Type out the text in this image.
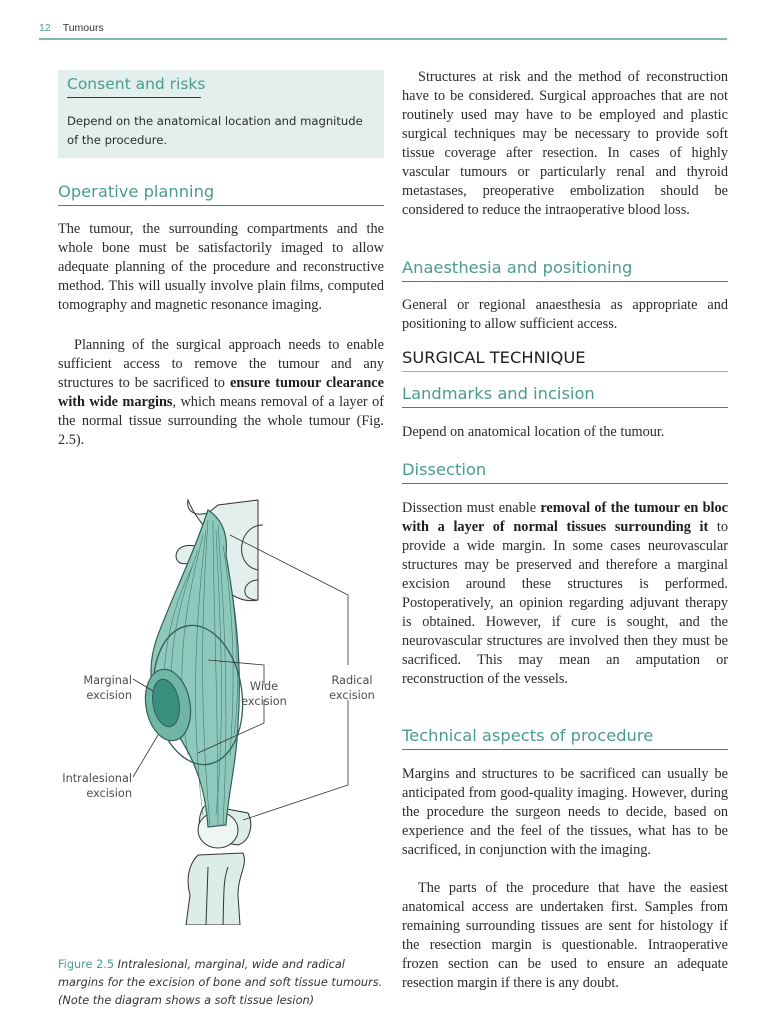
12 Tumours
Consent and risks

Depend on the anatomical location and magnitude of the procedure.

Operative planning

The tumour, the surrounding compartments and the whole bone must be satisfactorily imaged to allow adequate planning of the procedure and reconstructive method. This will usually involve plain films, computed tomography and magnetic resonance imaging.

Planning of the surgical approach needs to enable sufficient access to remove the tumour and any structures to be sacrificed to ensure tumour clearance with wide margins, which means removal of a layer of the normal tissue surrounding the whole tumour (Fig. 2.5).

Marginal excision
Wide excision
Radical excision
Intralesional excision

Figure 2.5 Intralesional, marginal, wide and radical margins for the excision of bone and soft tissue tumours. (Note the diagram shows a soft tissue lesion)

Structures at risk and the method of reconstruction have to be considered. Surgical approaches that are not routinely used may have to be employed and plastic surgical techniques may be necessary to provide soft tissue coverage after resection. In cases of highly vascular tumours or particularly renal and thyroid metastases, preoperative embolization should be considered to reduce the intraoperative blood loss.

Anaesthesia and positioning

General or regional anaesthesia as appropriate and positioning to allow sufficient access.

SURGICAL TECHNIQUE
Landmarks and incision

Depend on anatomical location of the tumour.

Dissection

Dissection must enable removal of the tumour en bloc with a layer of normal tissues surrounding it to provide a wide margin. In some cases neurovascular structures may be preserved and therefore a marginal excision around these structures is performed. Postoperatively, an opinion regarding adjuvant therapy is obtained. However, if cure is sought, and the neurovascular structures are involved then they must be sacrificed. This may mean an amputation or reconstruction of the vessels.

Technical aspects of procedure

Margins and structures to be sacrificed can usually be anticipated from good-quality imaging. However, during the procedure the surgeon needs to decide, based on experience and the feel of the tissues, what has to be sacrificed, in conjunction with the imaging.

The parts of the procedure that have the easiest anatomical access are undertaken first. Samples from remaining surrounding tissues are sent for histology if the resection margin is questionable. Intraoperative frozen section can be used to ensure an adequate resection margin if there is any doubt.
